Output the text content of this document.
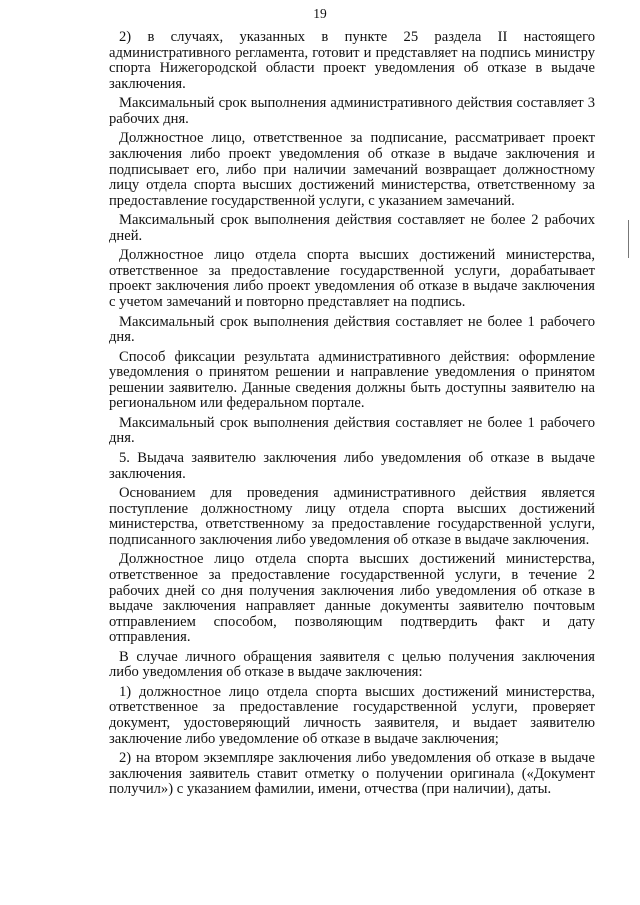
19

2) в случаях, указанных в пункте 25 раздела II настоящего административного регламента, готовит и представляет на подпись министру спорта Нижегородской области проект уведомления об отказе в выдаче заключения.

Максимальный срок выполнения административного действия составляет 3 рабочих дня.

Должностное лицо, ответственное за подписание, рассматривает проект заключения либо проект уведомления об отказе в выдаче заключения и подписывает его, либо при наличии замечаний возвращает должностному лицу отдела спорта высших достижений министерства, ответственному за предоставление государственной услуги, с указанием замечаний.

Максимальный срок выполнения действия составляет не более 2 рабочих дней.

Должностное лицо отдела спорта высших достижений министерства, ответственное за предоставление государственной услуги, дорабатывает проект заключения либо проект уведомления об отказе в выдаче заключения с учетом замечаний и повторно представляет на подпись.

Максимальный срок выполнения действия составляет не более 1 рабочего дня.

Способ фиксации результата административного действия: оформление уведомления о принятом решении и направление уведомления о принятом решении заявителю. Данные сведения должны быть доступны заявителю на региональном или федеральном портале.

Максимальный срок выполнения действия составляет не более 1 рабочего дня.

5. Выдача заявителю заключения либо уведомления об отказе в выдаче заключения.

Основанием для проведения административного действия является поступление должностному лицу отдела спорта высших достижений министерства, ответственному за предоставление государственной услуги, подписанного заключения либо уведомления об отказе в выдаче заключения.

Должностное лицо отдела спорта высших достижений министерства, ответственное за предоставление государственной услуги, в течение 2 рабочих дней со дня получения заключения либо уведомления об отказе в выдаче заключения направляет данные документы заявителю почтовым отправлением способом, позволяющим подтвердить факт и дату отправления.

В случае личного обращения заявителя с целью получения заключения либо уведомления об отказе в выдаче заключения:

1) должностное лицо отдела спорта высших достижений министерства, ответственное за предоставление государственной услуги, проверяет документ, удостоверяющий личность заявителя, и выдает заявителю заключение либо уведомление об отказе в выдаче заключения;

2) на втором экземпляре заключения либо уведомления об отказе в выдаче заключения заявитель ставит отметку о получении оригинала («Документ получил») с указанием фамилии, имени, отчества (при наличии), даты.
